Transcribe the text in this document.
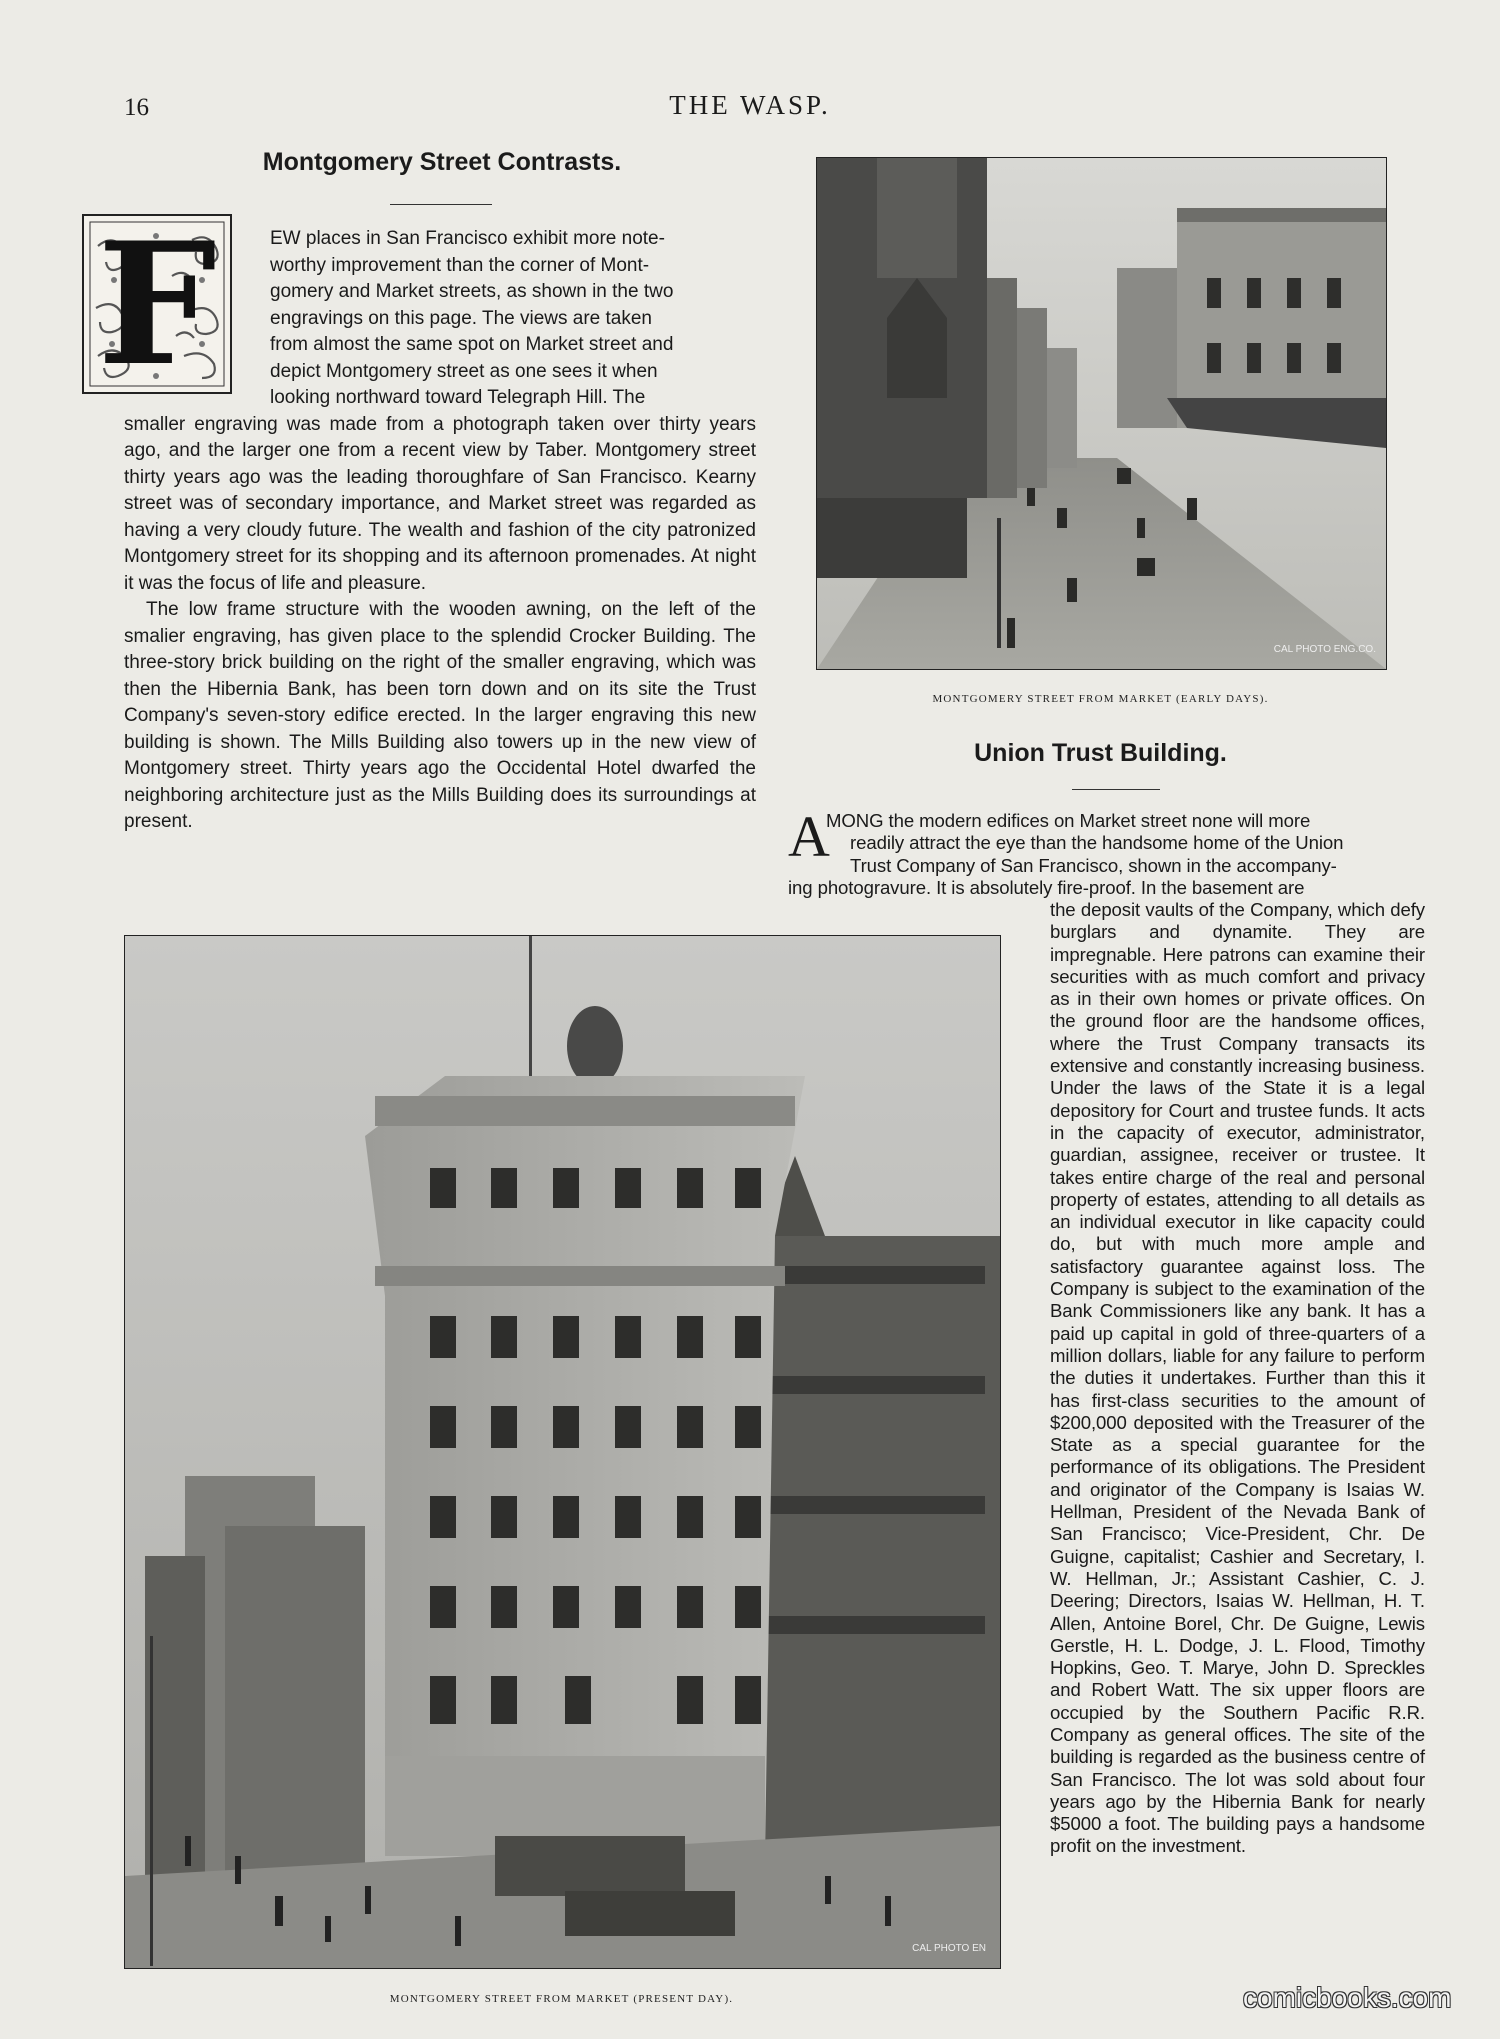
16	THE WASP.
Montgomery Street Contrasts.
F	EW places in San Francisco exhibit more note-
worthy improvement than the corner of Mont-
gomery and Market streets, as shown in the two
engravings on this page. The views are taken
from almost the same spot on Market street and
depict Montgomery street as one sees it when
looking northward toward Telegraph Hill. The

smaller engraving was made from a photograph taken over thirty years ago, and the larger one from a recent view by Taber. Montgomery street thirty years ago was the leading thoroughfare of San Francisco. Kearny street was of secondary importance, and Market street was regarded as having a very cloudy future. The wealth and fashion of the city patronized Montgomery street for its shopping and its afternoon promenades. At night it was the focus of life and pleasure.

The low frame structure with the wooden awning, on the left of the smalier engraving, has given place to the splendid Crocker Building. The three-story brick building on the right of the smaller engraving, which was then the Hibernia Bank, has been torn down and on its site the Trust Company's seven-story edifice erected. In the larger engraving this new building is shown. The Mills Building also towers up in the new view of Montgomery street. Thirty years ago the Occidental Hotel dwarfed the neighboring architecture just as the Mills Building does its surroundings at present.

CAL PHOTO ENG.CO.
MONTGOMERY STREET FROM MARKET (EARLY DAYS).
Union Trust Building.
A
MONG the modern edifices on Market street none will more
readily attract the eye than the handsome home of the Union
Trust Company of San Francisco, shown in the accompany-
ing photogravure. It is absolutely fire-proof. In the basement are
the deposit vaults of the Company, which defy burglars and dynamite. They are impregnable. Here patrons can examine their securities with as much comfort and privacy as in their own homes or private offices. On the ground floor are the handsome offices, where the Trust Company transacts its extensive and constantly increasing business. Under the laws of the State it is a legal depository for Court and trustee funds. It acts in the capacity of executor, administrator, guardian, assignee, receiver or trustee. It takes entire charge of the real and personal property of estates, attending to all details as an individual executor in like capacity could do, but with much more ample and satisfactory guarantee against loss. The Company is subject to the examination of the Bank Commissioners like any bank. It has a paid up capital in gold of three-quarters of a million dollars, liable for any failure to perform the duties it undertakes. Further than this it has first-class securities to the amount of $200,000 deposited with the Treasurer of the State as a special guarantee for the performance of its obligations. The President and originator of the Company is Isaias W. Hellman, President of the Nevada Bank of San Francisco; Vice-President, Chr. De Guigne, capitalist; Cashier and Secretary, I. W. Hellman, Jr.; Assistant Cashier, C. J. Deering; Directors, Isaias W. Hellman, H. T. Allen, Antoine Borel, Chr. De Guigne, Lewis Gerstle, H. L. Dodge, J. L. Flood, Timothy Hopkins, Geo. T. Marye, John D. Spreckles and Robert Watt. The six upper floors are occupied by the Southern Pacific R.R. Company as general offices. The site of the building is regarded as the business centre of San Francisco. The lot was sold about four years ago by the Hibernia Bank for nearly $5000 a foot. The building pays a handsome profit on the investment.
CAL PHOTO EN
MONTGOMERY STREET FROM MARKET (PRESENT DAY).	comicbooks.com
